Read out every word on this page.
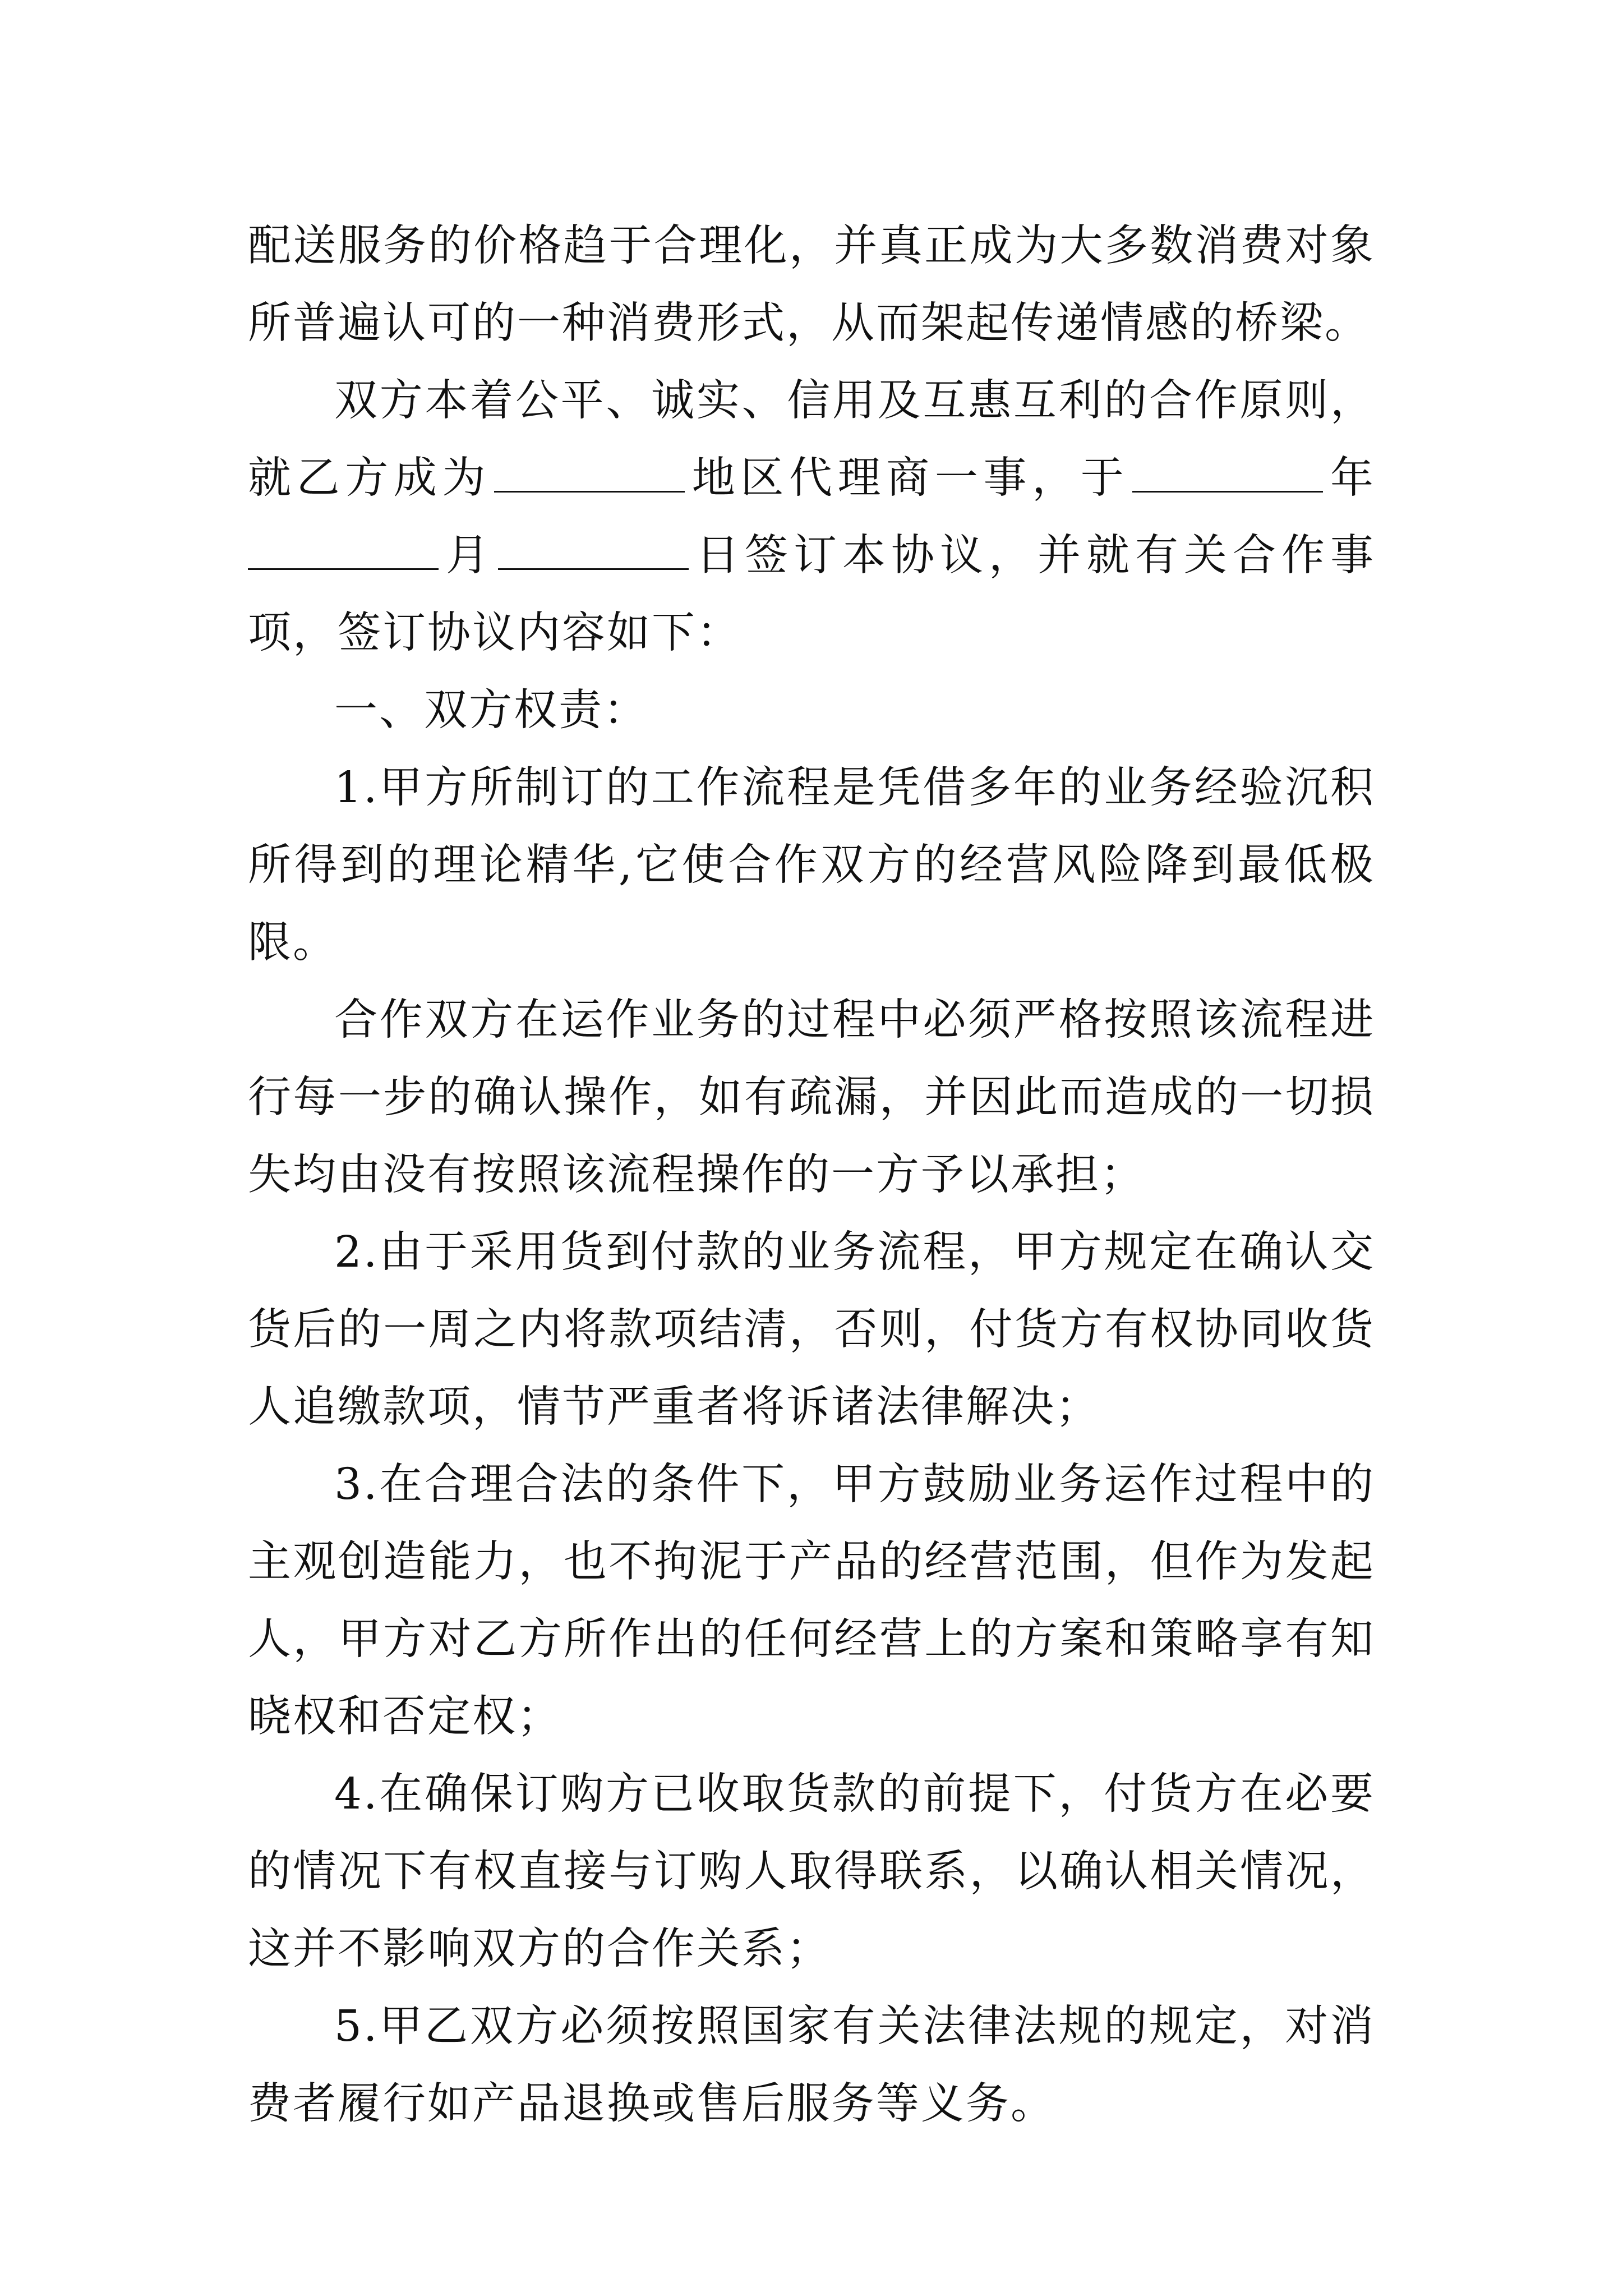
配送服务的价格趋于合理化，并真正成为大多数消费对象所普遍认可的一种消费形式，从而架起传递情感的桥梁。

双方本着公平、诚实、信用及互惠互利的合作原则，就乙方成为	地区代理商一事，于	年月	日签订本协议，并就有关合作事项，签订协议内容如下：

一、双方权责：

1.甲方所制订的工作流程是凭借多年的业务经验沉积所得到的理论精华,它使合作双方的经营风险降到最低极限。

合作双方在运作业务的过程中必须严格按照该流程进行每一步的确认操作，如有疏漏，并因此而造成的一切损失均由没有按照该流程操作的一方予以承担；

2.由于采用货到付款的业务流程，甲方规定在确认交货后的一周之内将款项结清，否则，付货方有权协同收货人追缴款项，情节严重者将诉诸法律解决；

3.在合理合法的条件下，甲方鼓励业务运作过程中的主观创造能力，也不拘泥于产品的经营范围，但作为发起人，甲方对乙方所作出的任何经营上的方案和策略享有知晓权和否定权；

4.在确保订购方已收取货款的前提下，付货方在必要的情况下有权直接与订购人取得联系，以确认相关情况，这并不影响双方的合作关系；

5.甲乙双方必须按照国家有关法律法规的规定，对消费者履行如产品退换或售后服务等义务。
